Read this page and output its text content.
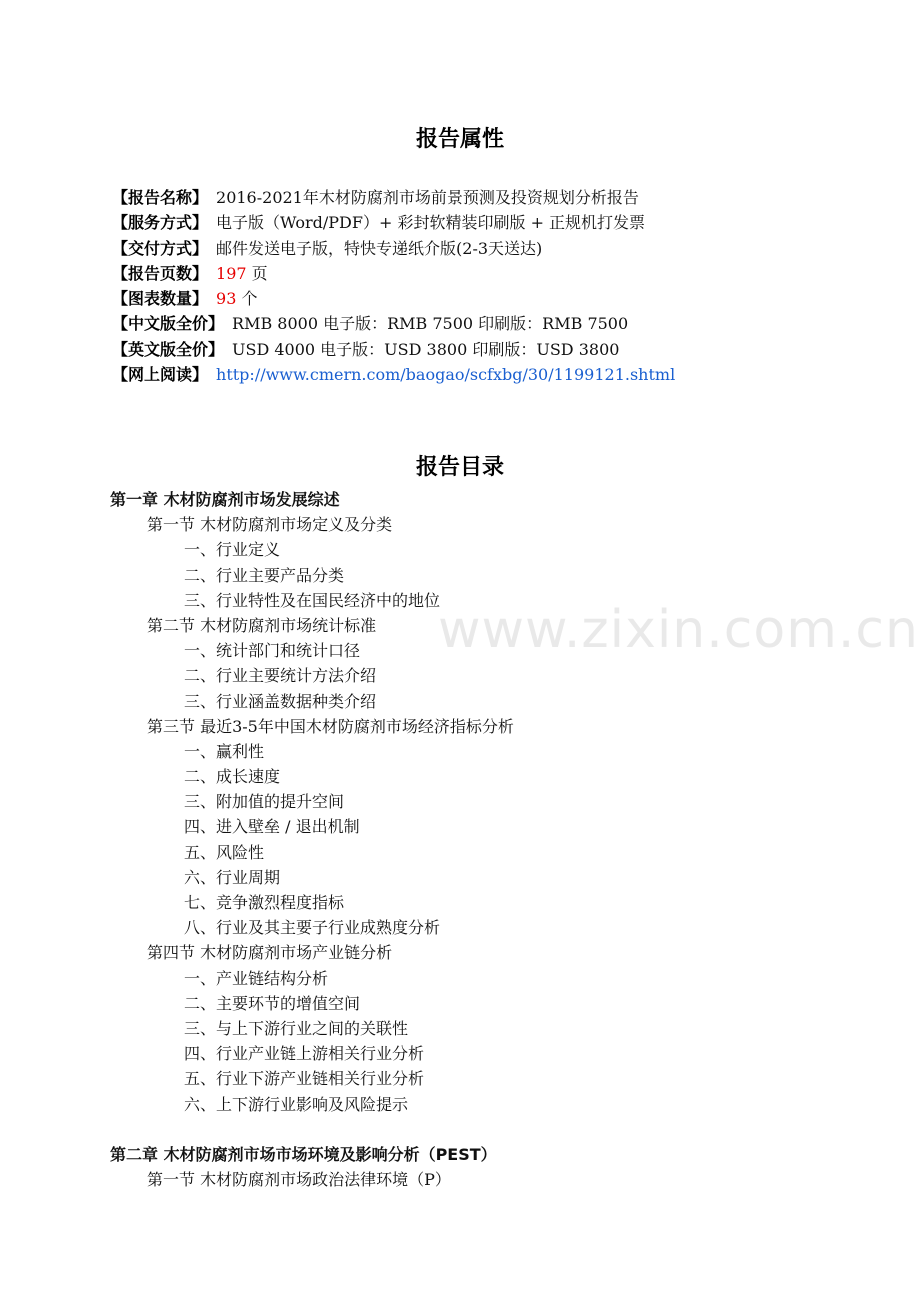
www.zixin.com.cn
报告属性
【报告名称】 2016-2021年木材防腐剂市场前景预测及投资规划分析报告
【服务方式】 电子版（Word/PDF）+ 彩封软精装印刷版 + 正规机打发票
【交付方式】 邮件发送电子版，特快专递纸介版(2-3天送达)
【报告页数】 197 页
【图表数量】 93 个
【中文版全价】 RMB 8000 电子版：RMB 7500 印刷版：RMB 7500
【英文版全价】 USD 4000 电子版：USD 3800 印刷版：USD 3800
【网上阅读】 http://www.cmern.com/baogao/scfxbg/30/1199121.shtml
报告目录
第一章 木材防腐剂市场发展综述
第一节 木材防腐剂市场定义及分类
一、行业定义
二、行业主要产品分类
三、行业特性及在国民经济中的地位
第二节 木材防腐剂市场统计标准
一、统计部门和统计口径
二、行业主要统计方法介绍
三、行业涵盖数据种类介绍
第三节 最近3-5年中国木材防腐剂市场经济指标分析
一、赢利性
二、成长速度
三、附加值的提升空间
四、进入壁垒 / 退出机制
五、风险性
六、行业周期
七、竞争激烈程度指标
八、行业及其主要子行业成熟度分析
第四节 木材防腐剂市场产业链分析
一、产业链结构分析
二、主要环节的增值空间
三、与上下游行业之间的关联性
四、行业产业链上游相关行业分析
五、行业下游产业链相关行业分析
六、上下游行业影响及风险提示
第二章 木材防腐剂市场市场环境及影响分析（PEST）
第一节 木材防腐剂市场政治法律环境（P）
